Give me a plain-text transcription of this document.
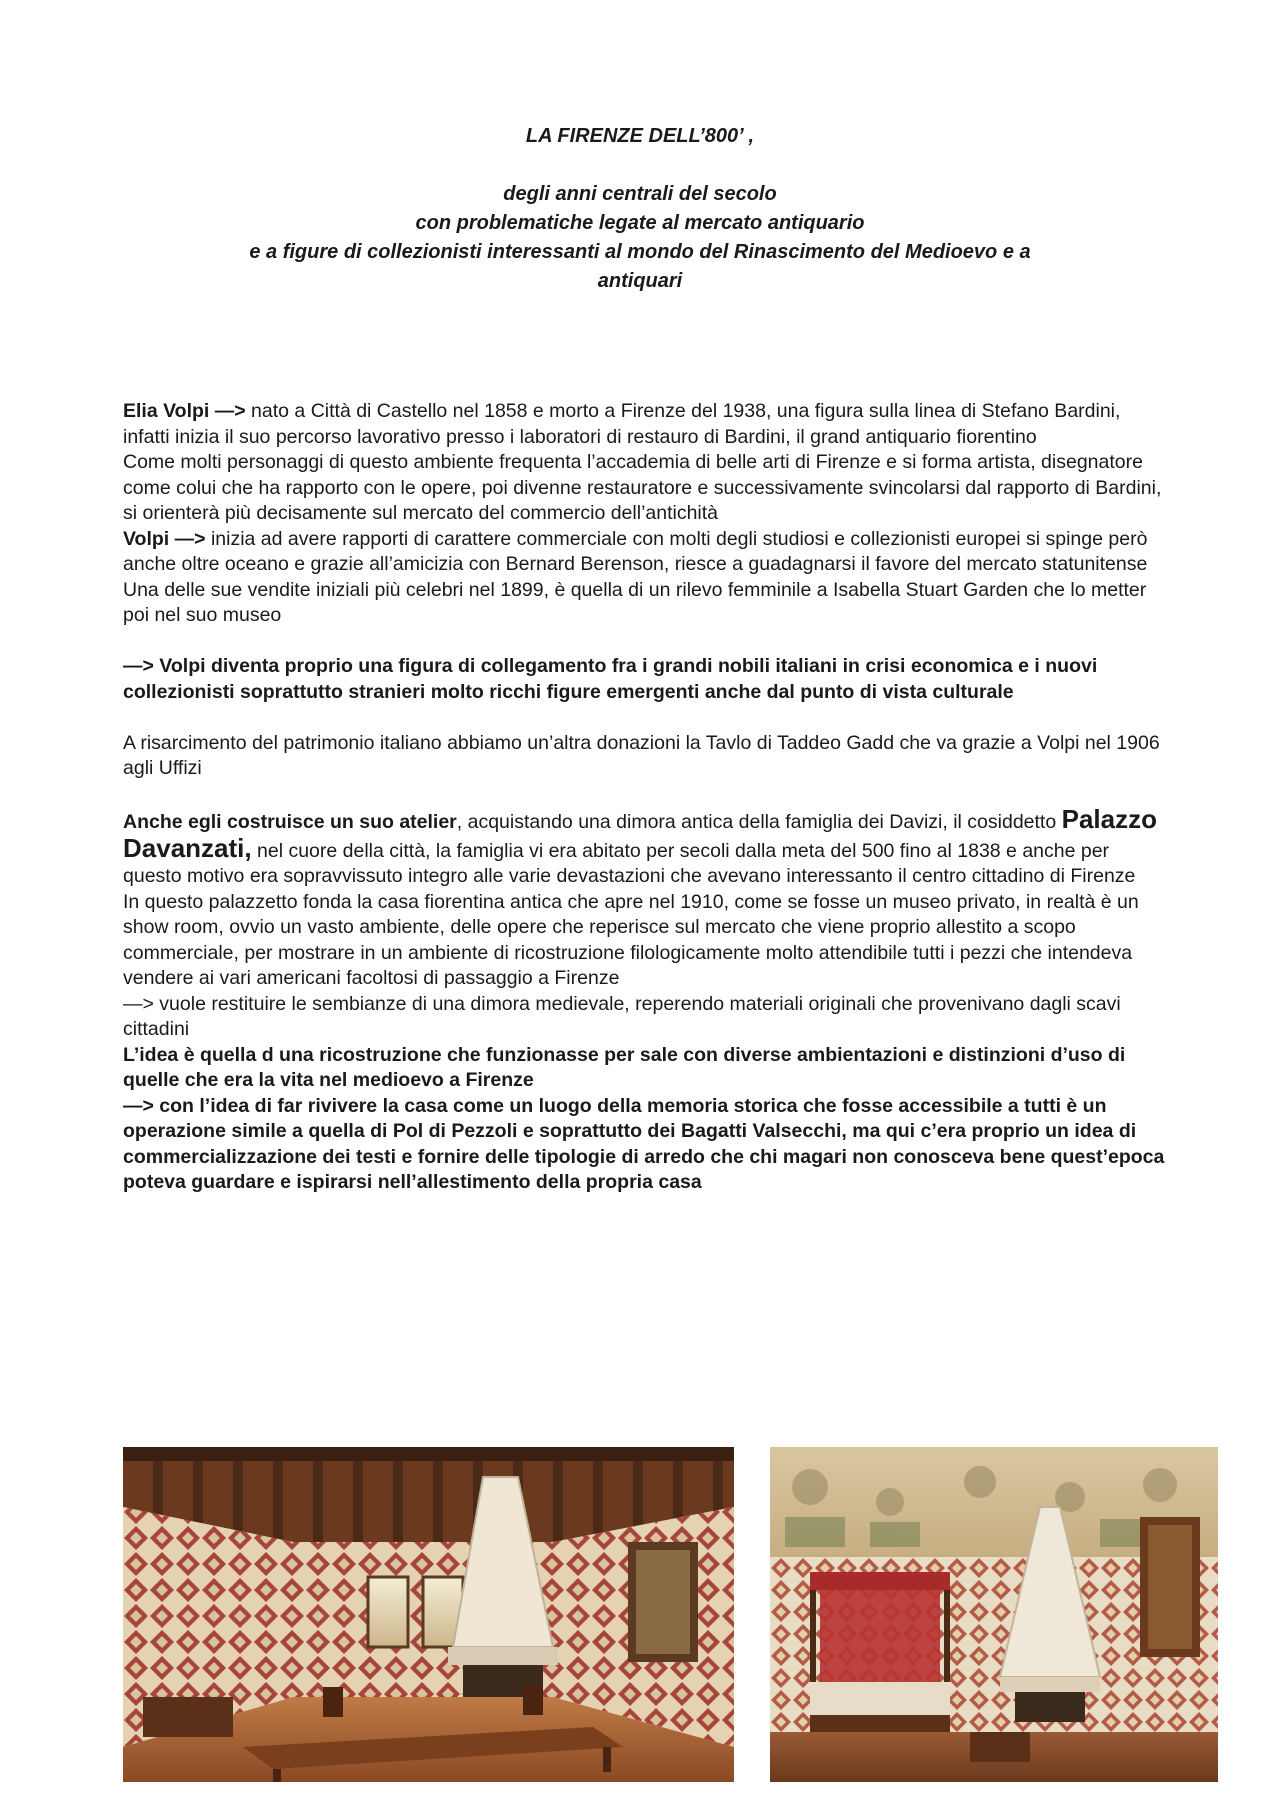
LA FIRENZE DELL’800’ ,

degli anni centrali del secolo

con problematiche legate al mercato antiquario

e a figure di collezionisti interessanti al mondo del Rinascimento del Medioevo e a

antiquari

Elia Volpi —> nato a Città di Castello nel 1858 e morto a Firenze del 1938, una figura sulla linea di Stefano Bardini, infatti inizia il suo percorso lavorativo presso i laboratori di restauro di Bardini, il grand antiquario fiorentino

Come molti personaggi di questo ambiente frequenta l’accademia di belle arti di Firenze e si forma artista, disegnatore come colui che ha rapporto con le opere, poi divenne restauratore e successivamente svincolarsi dal rapporto di Bardini, si orienterà più decisamente sul mercato del commercio dell’antichità

Volpi —> inizia ad avere rapporti di carattere commerciale con molti degli studiosi e collezionisti europei si spinge però anche oltre oceano e grazie all’amicizia con Bernard Berenson, riesce a guadagnarsi il favore del mercato statunitense

Una delle sue vendite iniziali più celebri nel 1899, è quella di un rilevo femminile a Isabella Stuart Garden che lo metter poi nel suo museo

—> Volpi diventa proprio una figura di collegamento fra i grandi nobili italiani in crisi economica e i nuovi collezionisti soprattutto stranieri molto ricchi figure emergenti anche dal punto di vista culturale

A risarcimento del patrimonio italiano abbiamo un’altra donazioni la Tavlo di Taddeo Gadd che va grazie a Volpi nel 1906 agli Uffizi

Anche egli costruisce un suo atelier, acquistando una dimora antica della famiglia dei Davizi, il cosiddetto Palazzo Davanzati, nel cuore della città, la famiglia vi era abitato per secoli dalla meta del 500 fino al 1838 e anche per questo motivo era sopravvissuto integro alle varie devastazioni che avevano interessanto il centro cittadino di Firenze

In questo palazzetto fonda la casa fiorentina antica che apre nel 1910, come se fosse un museo privato, in realtà è un show room, ovvio un vasto ambiente, delle opere che reperisce sul mercato che viene proprio allestito a scopo commerciale, per mostrare in un ambiente di ricostruzione filologicamente molto attendibile tutti i pezzi che intendeva vendere ai vari americani facoltosi di passaggio a Firenze

—> vuole restituire le sembianze di una dimora medievale, reperendo materiali originali che provenivano dagli scavi cittadini

L’idea è quella d una ricostruzione che funzionasse per sale con diverse ambientazioni e distinzioni d’uso di quelle che era la vita nel medioevo a Firenze

—> con l’idea di far rivivere la casa come un luogo della memoria storica che fosse accessibile a tutti è un operazione simile a quella di Pol di Pezzoli e soprattutto dei Bagatti Valsecchi, ma qui c’era proprio un idea di commercializzazione dei testi e fornire delle tipologie di arredo che chi magari non conosceva bene quest’epoca poteva guardare e ispirarsi nell’allestimento della propria casa
